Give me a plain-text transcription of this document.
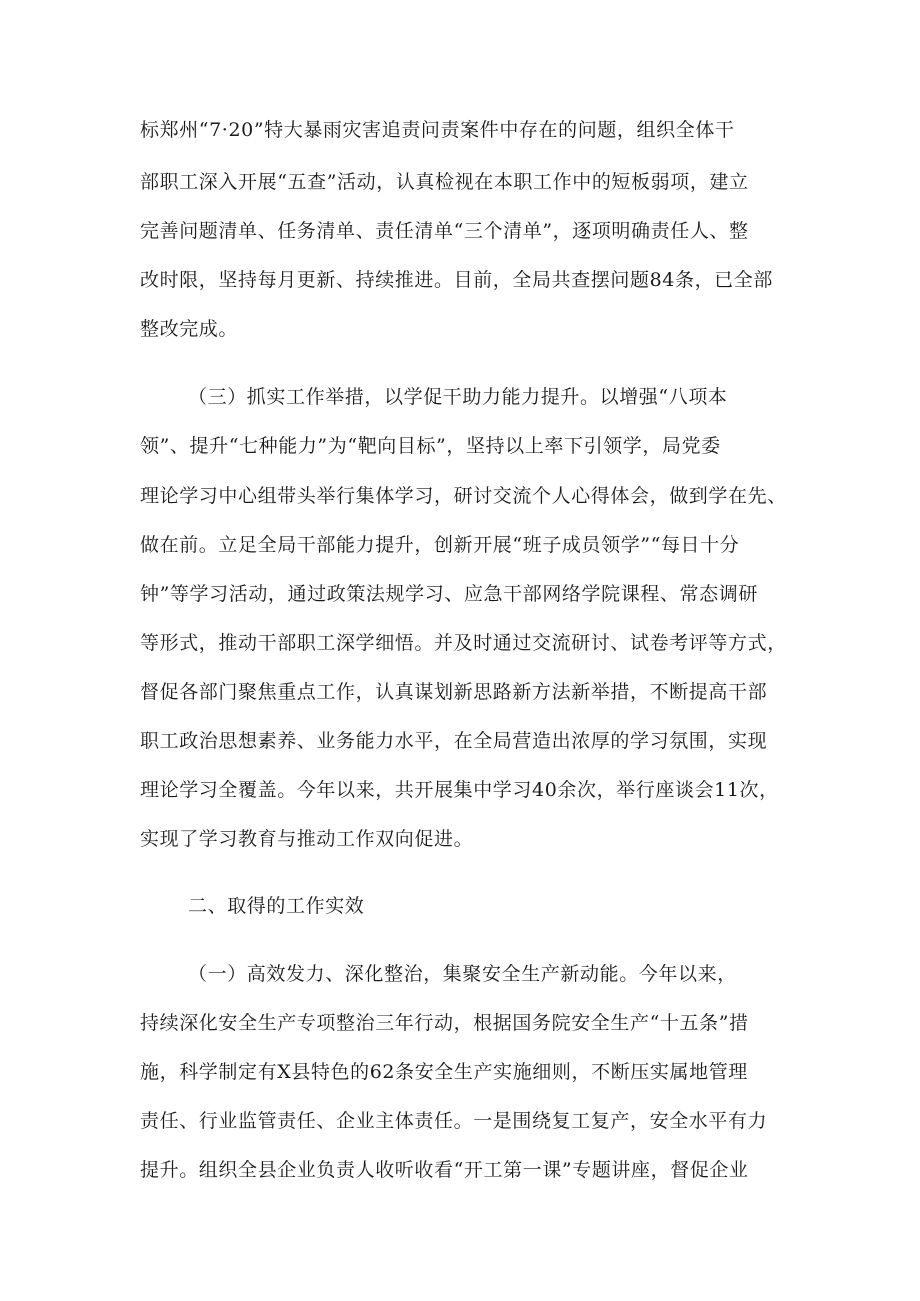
标郑州“7·20”特大暴雨灾害追责问责案件中存在的问题，组织全体干
部职工深入开展“五查”活动，认真检视在本职工作中的短板弱项，建立
完善问题清单、任务清单、责任清单“三个清单”，逐项明确责任人、整
改时限，坚持每月更新、持续推进。目前，全局共查摆问题84条，已全部
整改完成。
（三）抓实工作举措，以学促干助力能力提升。以增强“八项本
领”、提升“七种能力”为“靶向目标”，坚持以上率下引领学，局党委
理论学习中心组带头举行集体学习，研讨交流个人心得体会，做到学在先、
做在前。立足全局干部能力提升，创新开展“班子成员领学”“每日十分
钟”等学习活动，通过政策法规学习、应急干部网络学院课程、常态调研
等形式，推动干部职工深学细悟。并及时通过交流研讨、试卷考评等方式，
督促各部门聚焦重点工作，认真谋划新思路新方法新举措，不断提高干部
职工政治思想素养、业务能力水平，在全局营造出浓厚的学习氛围，实现
理论学习全覆盖。今年以来，共开展集中学习40余次，举行座谈会11次，
实现了学习教育与推动工作双向促进。
二、取得的工作实效
（一）高效发力、深化整治，集聚安全生产新动能。今年以来，
持续深化安全生产专项整治三年行动，根据国务院安全生产“十五条”措
施，科学制定有X县特色的62条安全生产实施细则，不断压实属地管理
责任、行业监管责任、企业主体责任。一是围绕复工复产，安全水平有力
提升。组织全县企业负责人收听收看“开工第一课”专题讲座，督促企业
